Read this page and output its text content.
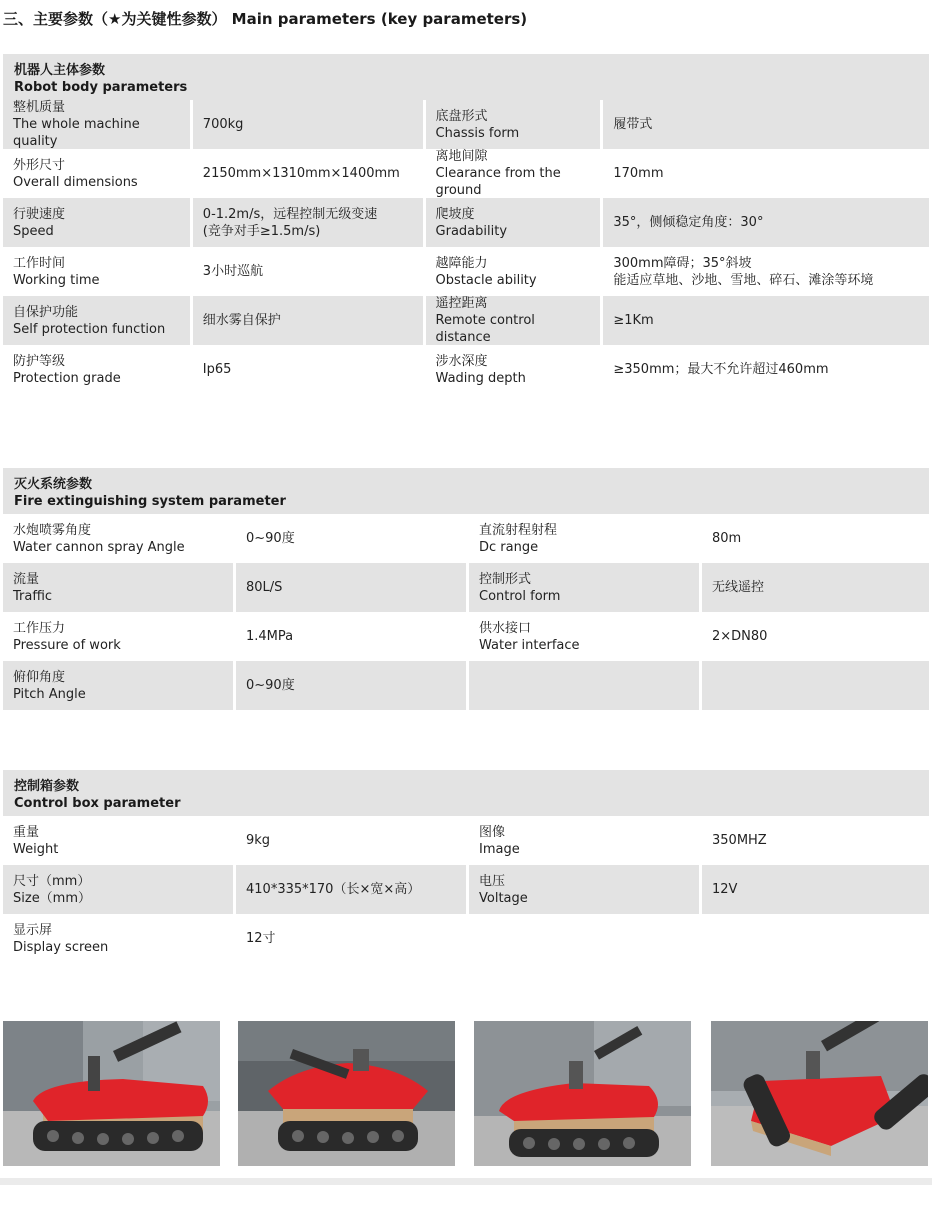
三、主要参数（★为关键性参数） Main parameters (key parameters)
机器人主体参数
Robot body parameters
整机质量
The whole machine quality
700kg
底盘形式
Chassis form
履带式
外形尺寸
Overall dimensions
2150mm×1310mm×1400mm
离地间隙
Clearance from the ground
170mm
行驶速度
Speed
0-1.2m/s，远程控制无级变速
(竞争对手≥1.5m/s)
爬坡度
Gradability
35°，侧倾稳定角度：30°
工作时间
Working time
3小时巡航
越障能力
Obstacle ability
300mm障碍；35°斜坡
能适应草地、沙地、雪地、碎石、滩涂等环境
自保护功能
Self protection function
细水雾自保护
遥控距离
Remote control distance
≥1Km
防护等级
Protection grade
Ip65
涉水深度
Wading depth
≥350mm；最大不允许超过460mm
灭火系统参数
Fire extinguishing system parameter
水炮喷雾角度
Water cannon spray Angle
0~90度
直流射程射程
Dc range
80m
流量
Traffic
80L/S
控制形式
Control form
无线遥控
工作压力
Pressure of work
1.4MPa
供水接口
Water interface
2×DN80
俯仰角度
Pitch Angle
0~90度
控制箱参数
Control box parameter
重量
Weight
9kg
图像
Image
350MHZ
尺寸（mm）
Size（mm）
410*335*170（长×宽×高）
电压
Voltage
12V
显示屏
Display screen
12寸
